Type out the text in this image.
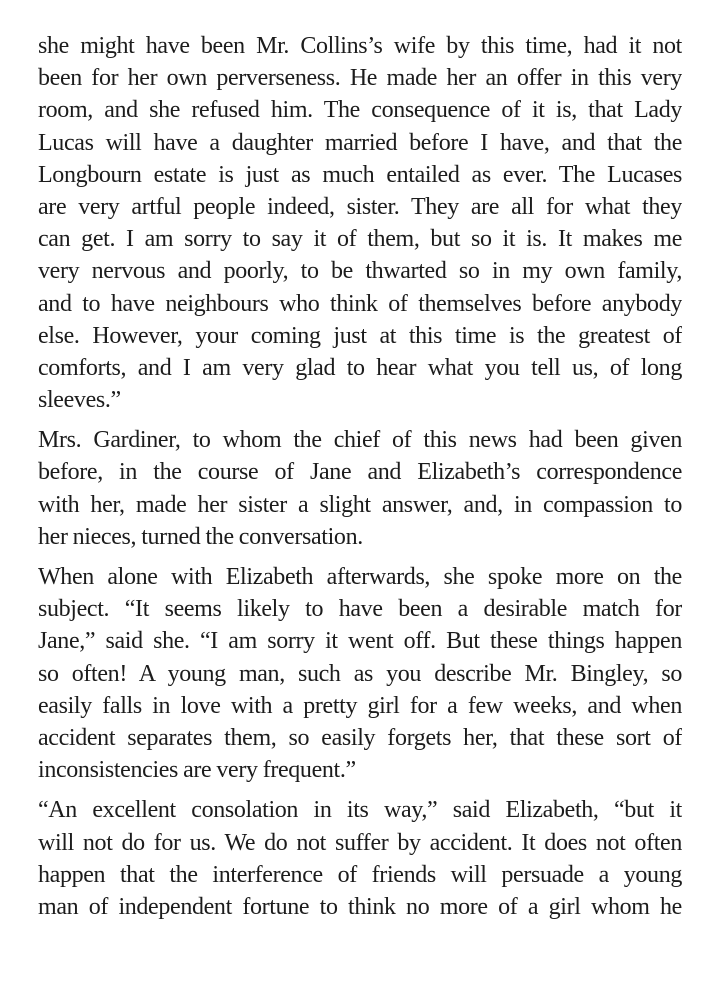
she might have been Mr. Collins’s wife by this time, had it not
been for her own perverseness. He made her an offer in this very
room, and she refused him. The consequence of it is, that Lady
Lucas will have a daughter married before I have, and that the
Longbourn estate is just as much entailed as ever. The Lucases
are very artful people indeed, sister. They are all for what they
can get. I am sorry to say it of them, but so it is. It makes me
very nervous and poorly, to be thwarted so in my own family,
and to have neighbours who think of themselves before anybody
else. However, your coming just at this time is the greatest of
comforts, and I am very glad to hear what you tell us, of long
sleeves.”
Mrs. Gardiner, to whom the chief of this news had been given
before, in the course of Jane and Elizabeth’s correspondence
with her, made her sister a slight answer, and, in compassion to
her nieces, turned the conversation.
When alone with Elizabeth afterwards, she spoke more on the
subject. “It seems likely to have been a desirable match for
Jane,” said she. “I am sorry it went off. But these things happen
so often! A young man, such as you describe Mr. Bingley, so
easily falls in love with a pretty girl for a few weeks, and when
accident separates them, so easily forgets her, that these sort of
inconsistencies are very frequent.”
“An excellent consolation in its way,” said Elizabeth, “but it
will not do for us. We do not suffer by accident. It does not often
happen that the interference of friends will persuade a young
man of independent fortune to think no more of a girl whom he
